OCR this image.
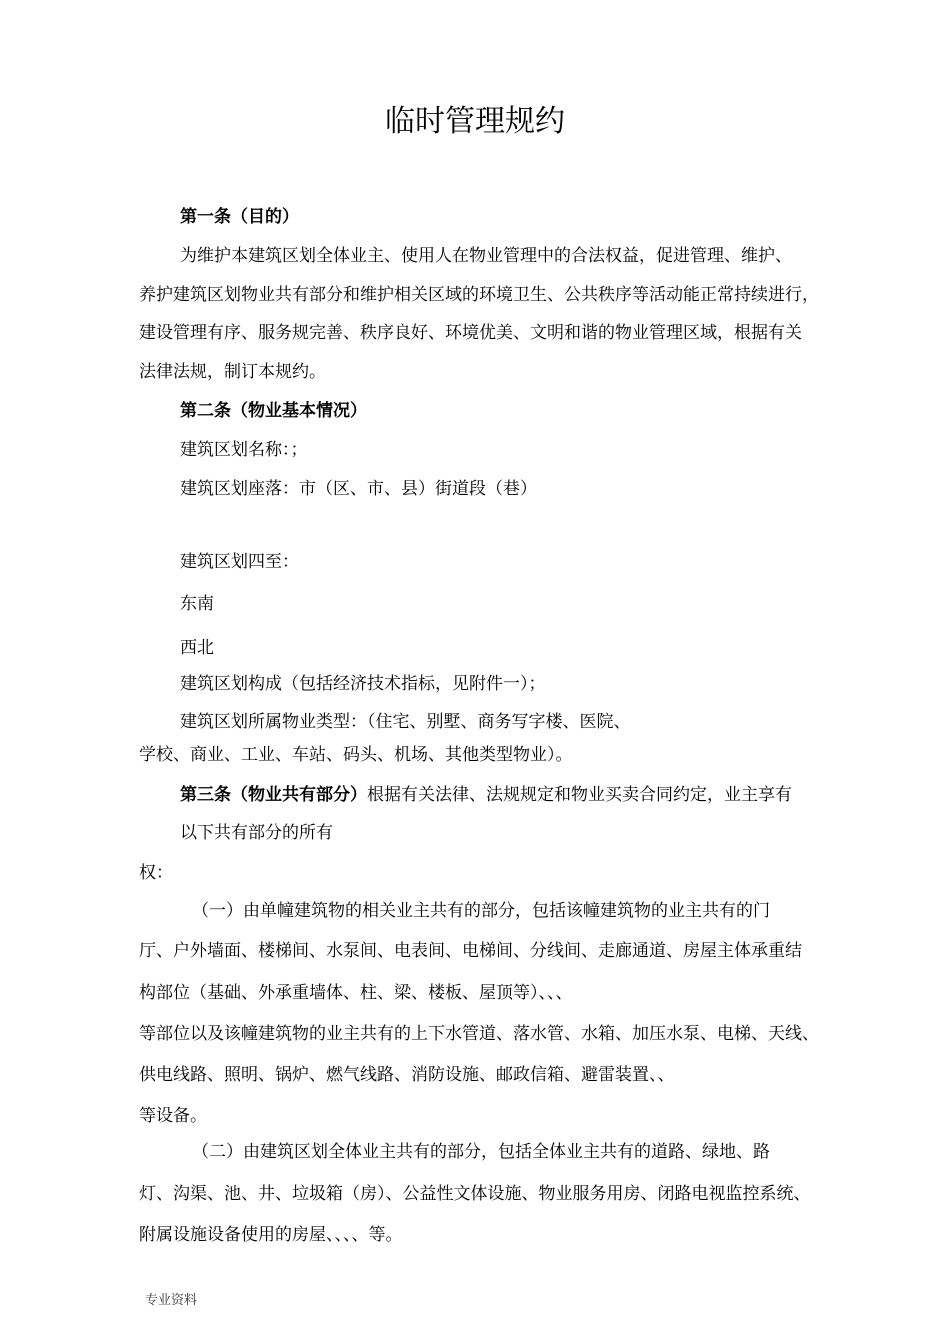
临时管理规约
第一条（目的）
为维护本建筑区划全体业主、使用人在物业管理中的合法权益，促进管理、维护、
养护建筑区划物业共有部分和维护相关区域的环境卫生、公共秩序等活动能正常持续进行，
建设管理有序、服务规完善、秩序良好、环境优美、文明和谐的物业管理区域，根据有关
法律法规，制订本规约。
第二条（物业基本情况）
建筑区划名称：；
建筑区划座落：市（区、市、县）街道段（巷）
建筑区划四至：
东南
西北
建筑区划构成（包括经济技术指标，见附件一）；
建筑区划所属物业类型：（住宅、别墅、商务写字楼、医院、
学校、商业、工业、车站、码头、机场、其他类型物业）。
第三条（物业共有部分）根据有关法律、法规规定和物业买卖合同约定，业主享有
以下共有部分的所有
权：
（一）由单幢建筑物的相关业主共有的部分，包括该幢建筑物的业主共有的门
厅、户外墙面、楼梯间、水泵间、电表间、电梯间、分线间、走廊通道、房屋主体承重结
构部位（基础、外承重墙体、柱、梁、楼板、屋顶等）、、、
等部位以及该幢建筑物的业主共有的上下水管道、落水管、水箱、加压水泵、电梯、天线、
供电线路、照明、锅炉、燃气线路、消防设施、邮政信箱、避雷装置、、
等设备。
（二）由建筑区划全体业主共有的部分，包括全体业主共有的道路、绿地、路
灯、沟渠、池、井、垃圾箱（房）、公益性文体设施、物业服务用房、闭路电视监控系统、
附属设施设备使用的房屋、、、、等。
专业资料
